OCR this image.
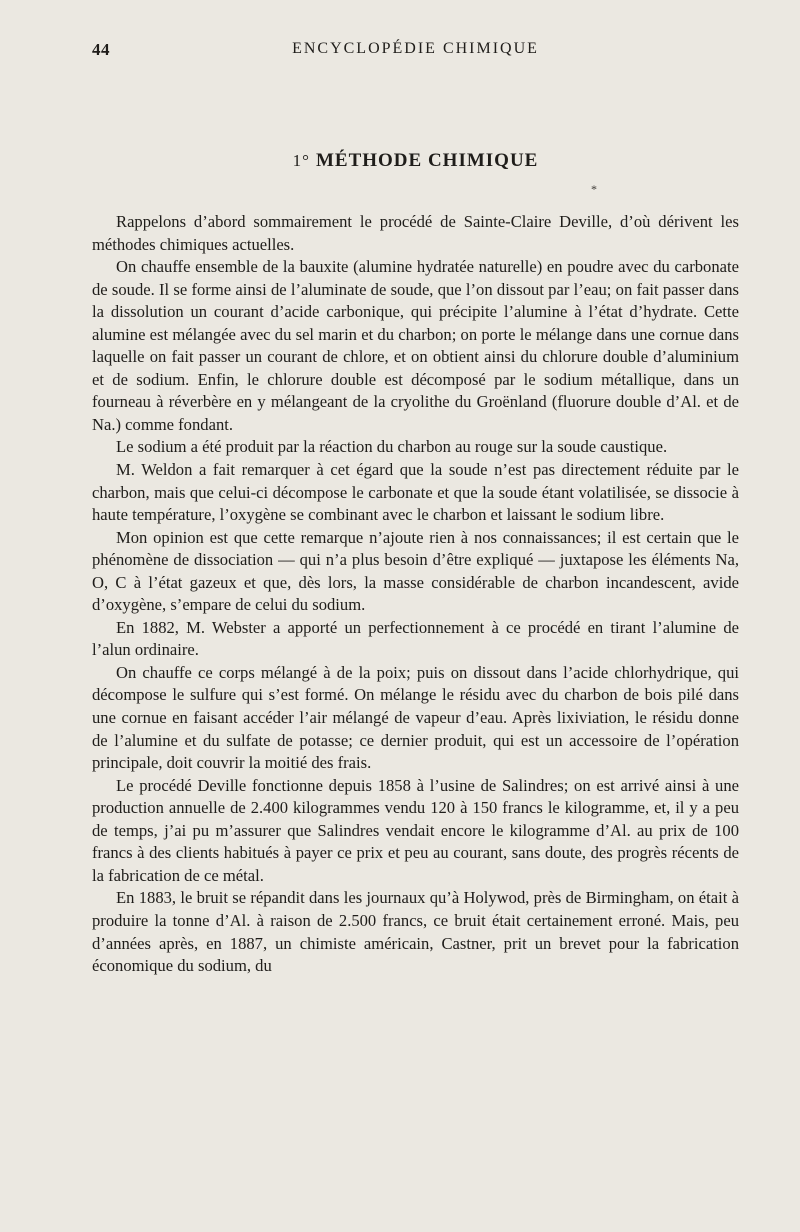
44	ENCYCLOPÉDIE CHIMIQUE
1° MÉTHODE CHIMIQUE
*

Rappelons d’abord sommairement le procédé de Sainte-Claire Deville, d’où dérivent les méthodes chimiques actuelles.

On chauffe ensemble de la bauxite (alumine hydratée naturelle) en poudre avec du carbonate de soude. Il se forme ainsi de l’aluminate de soude, que l’on dissout par l’eau; on fait passer dans la dissolution un courant d’acide carbonique, qui précipite l’alumine à l’état d’hydrate. Cette alumine est mélangée avec du sel marin et du charbon; on porte le mélange dans une cornue dans laquelle on fait passer un courant de chlore, et on obtient ainsi du chlorure double d’aluminium et de sodium. Enfin, le chlorure double est décomposé par le sodium métallique, dans un fourneau à réverbère en y mélangeant de la cryolithe du Groënland (fluorure double d’Al. et de Na.) comme fondant.

Le sodium a été produit par la réaction du charbon au rouge sur la soude caustique.

M. Weldon a fait remarquer à cet égard que la soude n’est pas directement réduite par le charbon, mais que celui-ci décompose le carbonate et que la soude étant volatilisée, se dissocie à haute température, l’oxygène se combinant avec le charbon et laissant le sodium libre.

Mon opinion est que cette remarque n’ajoute rien à nos connaissances; il est certain que le phénomène de dissociation — qui n’a plus besoin d’être expliqué — juxtapose les éléments Na, O, C à l’état gazeux et que, dès lors, la masse considérable de charbon incandescent, avide d’oxygène, s’empare de celui du sodium.

En 1882, M. Webster a apporté un perfectionnement à ce procédé en tirant l’alumine de l’alun ordinaire.

On chauffe ce corps mélangé à de la poix; puis on dissout dans l’acide chlorhydrique, qui décompose le sulfure qui s’est formé. On mélange le résidu avec du charbon de bois pilé dans une cornue en faisant accéder l’air mélangé de vapeur d’eau. Après lixiviation, le résidu donne de l’alumine et du sulfate de potasse; ce dernier produit, qui est un accessoire de l’opération principale, doit couvrir la moitié des frais.

Le procédé Deville fonctionne depuis 1858 à l’usine de Salindres; on est arrivé ainsi à une production annuelle de 2.400 kilogrammes vendu 120 à 150 francs le kilogramme, et, il y a peu de temps, j’ai pu m’assurer que Salindres vendait encore le kilogramme d’Al. au prix de 100 francs à des clients habitués à payer ce prix et peu au courant, sans doute, des progrès récents de la fabrication de ce métal.

En 1883, le bruit se répandit dans les journaux qu’à Holywod, près de Birmingham, on était à produire la tonne d’Al. à raison de 2.500 francs, ce bruit était certainement erroné. Mais, peu d’années après, en 1887, un chimiste américain, Castner, prit un brevet pour la fabrication économique du sodium, du
